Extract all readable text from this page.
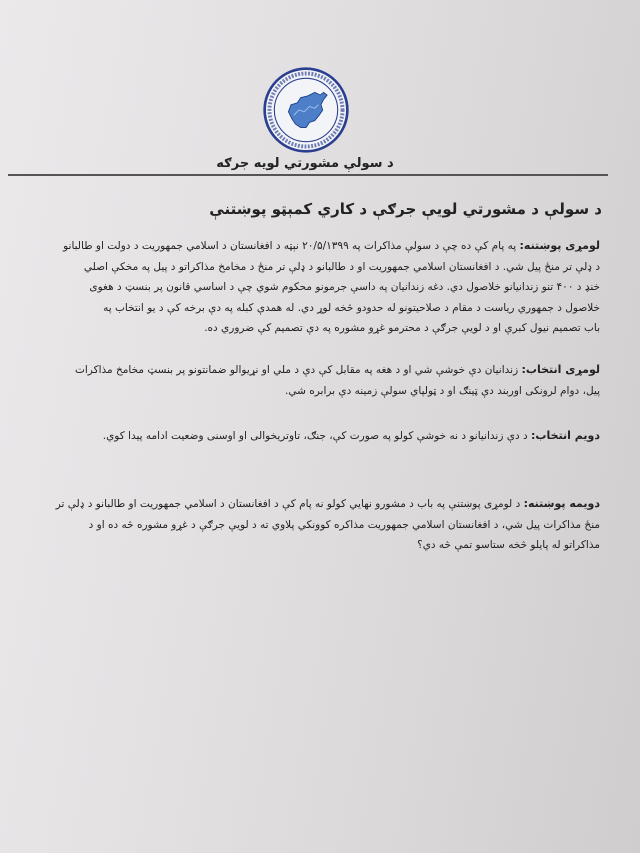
د سولې مشورتي لویه جرګه
د سولې د مشورتي لويې جرګې د کاري کمېټو پوښتنې
لومړی پوښتنه: په پام کې ده چې د سولې مذاکرات په ۲۰/۵/۱۳۹۹ نېټه د افغانستان د اسلامي جمهوريت د دولت او طالبانو
د ډلې تر منځ پيل شي. د افغانستان اسلامي جمهوريت او د طالبانو د ډلې تر منځ د مخامخ مذاکراتو د پيل په مخکې اصلي
خنډ د ۴۰۰ تنو زندانيانو خلاصول دي. دغه زندانيان په داسې جرمونو محکوم شوي چې د اساسي قانون پر بنسټ د هغوی
خلاصول د جمهوري رياست د مقام د صلاحيتونو له حدودو څخه لوړ دي. له همدې کبله په دې برخه کې د يو انتخاب په
باب تصميم نيول کبرې او د لويې جرګې د محترمو غړو مشوره په دې تصميم کې ضروري ده.
لومړی انتخاب: زندانيان دې خوشې شي او د هغه په مقابل کې دې د ملي او نړيوالو ضمانتونو پر بنسټ مخامخ مذاکرات
پيل، دوام لرونکی اوربند دې ټينګ او د ټولپاي سولې زمينه دې برابره شي.
دويم انتخاب: د دې زندانيانو د نه خوشې کولو په صورت کې، جنګ، تاوتريخوالی او اوسنی وضعيت ادامه پيدا کوي.
دويمه پوښتنه: د لومړی پوښتنې په باب د مشورو نهايي کولو نه پام کې د افغانستان د اسلامي جمهوريت او طالبانو د ډلې تر
منځ مذاکرات پيل شي، د افغانستان اسلامي جمهوريت مذاکره کوونکي پلاوي ته د لويې جرګې د غړو مشوره څه ده او د
مذاکراتو له پايلو څخه ستاسو تمې څه دي؟
